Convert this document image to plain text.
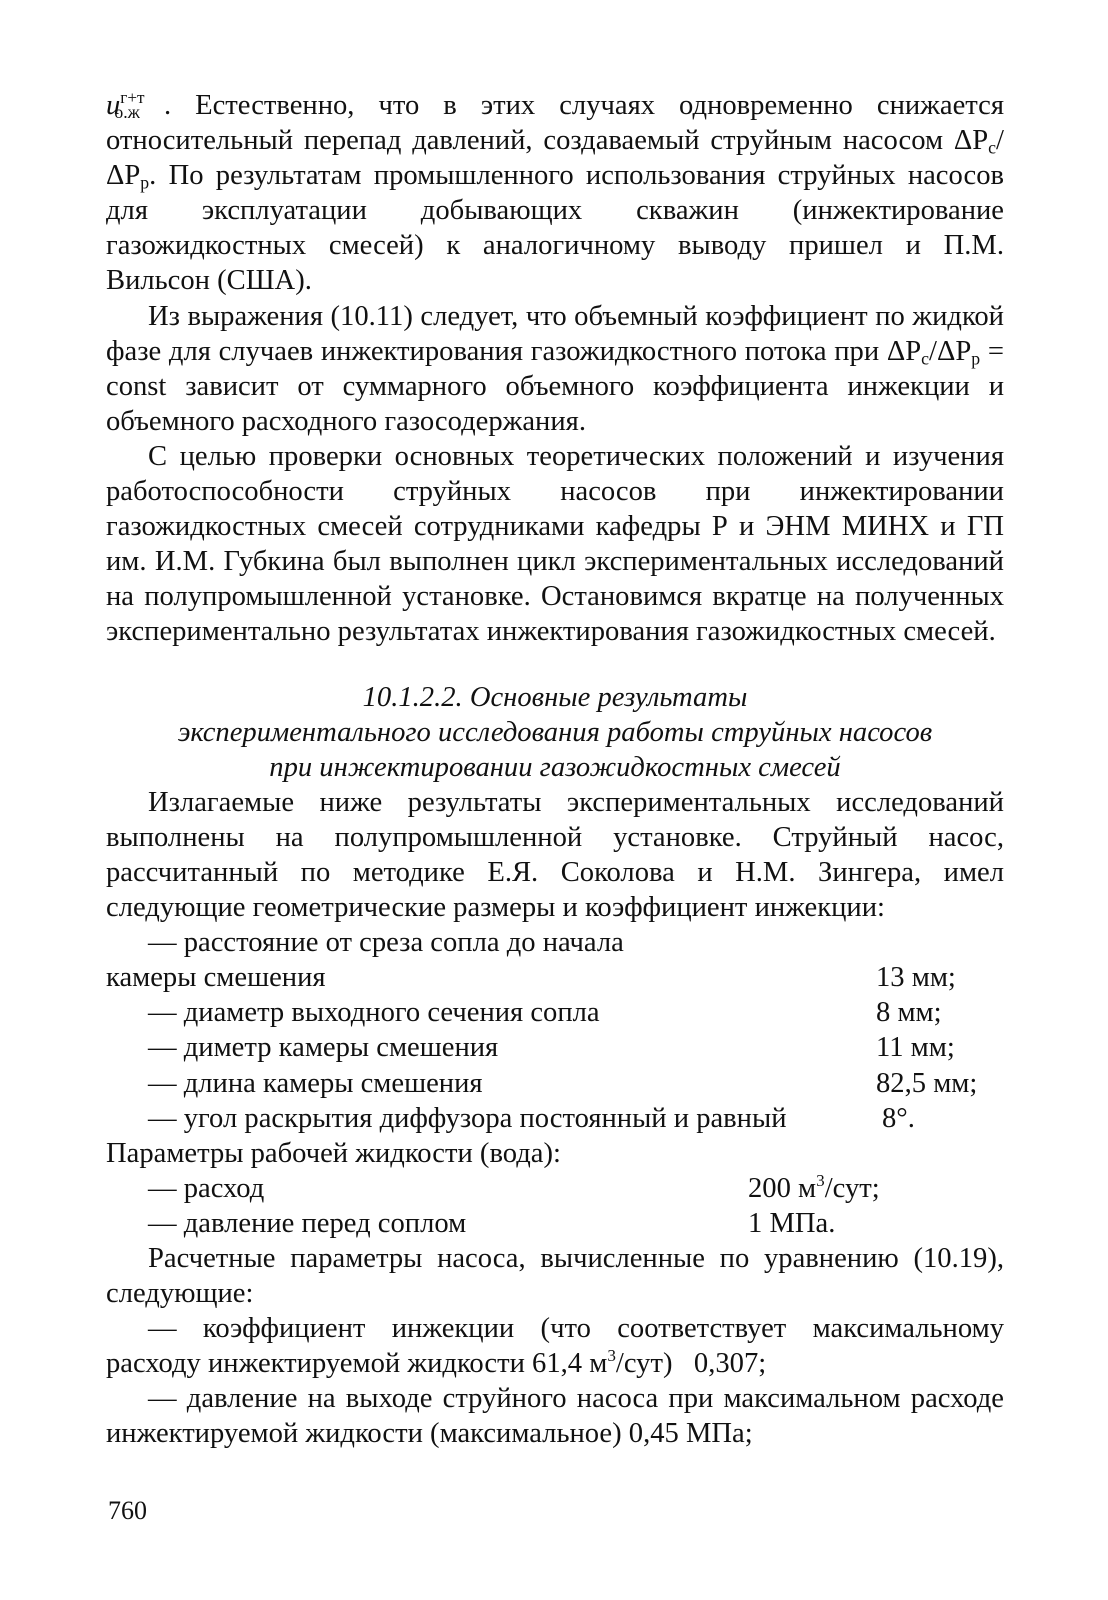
$u^{г+т}_{о.ж}$ . Естественно, что в этих случаях одновременно снижается относительный перепад давлений, создаваемый струйным насосом $\Delta P_с/\Delta P_р$. По результатам промышленного использования струйных насосов для эксплуатации добывающих скважин (инжектирование газожидкостных смесей) к аналогичному выводу пришел и П.М. Вильсон (США).

Из выражения (10.11) следует, что объемный коэффициент по жидкой фазе для случаев инжектирования газожидкостного потока при $\Delta P_с/\Delta P_р$ = const зависит от суммарного объемного коэффициента инжекции и объемного расходного газосодержания.

С целью проверки основных теоретических положений и изучения работоспособности струйных насосов при инжектировании газожидкостных смесей сотрудниками кафедры Р и ЭНМ МИНХ и ГП им. И.М. Губкина был выполнен цикл экспериментальных исследований на полупромышленной установке. Остановимся вкратце на полученных экспериментально результатах инжектирования газожидкостных смесей.

10.1.2.2. Основные результаты

экспериментального исследования работы струйных насосов

при инжектировании газожидкостных смесей

Излагаемые ниже результаты экспериментальных исследований выполнены на полупромышленной установке. Струйный насос, рассчитанный по методике Е.Я. Соколова и Н.М. Зингера, имел следующие геометрические размеры и коэффициент инжекции:

— расстояние от среза сопла до начала
камеры смешения	13 мм;
— диаметр выходного сечения сопла	8 мм;
— диметр камеры смешения	11 мм;
— длина камеры смешения	82,5 мм;
— угол раскрытия диффузора постоянный и равный	8°.
Параметры рабочей жидкости (вода):
— расход	200 $м^3$/сут;
— давление перед соплом	1 МПа.

Расчетные параметры насоса, вычисленные по уравнению (10.19), следующие:

— коэффициент инжекции (что соответствует максимальному расходу инжектируемой жидкости 61,4 $м^3/сут$)   0,307;

— давление на выходе струйного насоса при максимальном расходе инжектируемой жидкости (максимальное) 0,45 МПа;

760
